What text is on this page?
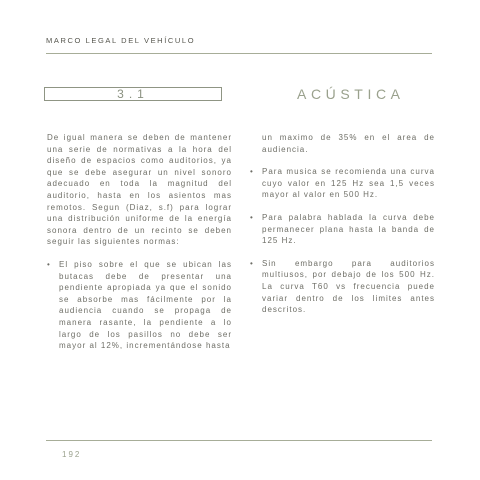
MARCO LEGAL DEL VEHÍCULO
3.1	ACÚSTICA

De igual manera se deben de mantener una serie de normativas a la hora del diseño de espacios como auditorios, ya que se debe asegurar un nivel sonoro adecuado en toda la magnitud del auditorio, hasta en los asientos mas remotos. Segun (Diaz, s.f) para lograr una distribución uniforme de la energía sonora dentro de un recinto se deben seguir las siguientes normas:

•	El piso sobre el que se ubican las butacas debe de presentar una pendiente apropiada ya que el sonido se absorbe mas fácilmente por la audiencia cuando se propaga de manera rasante, la pendiente a lo largo de los pasillos no debe ser mayor al 12%, incrementándose hasta
un maximo de 35% en el area de audiencia.
•	Para musica se recomienda una curva cuyo valor en 125 Hz sea 1,5 veces mayor al valor en 500 Hz.
•	Para palabra hablada la curva debe permanecer plana hasta la banda de 125 Hz.
•	Sin embargo para auditorios multiusos, por debajo de los 500 Hz. La curva T60 vs frecuencia puede variar dentro de los limites antes descritos.
192
